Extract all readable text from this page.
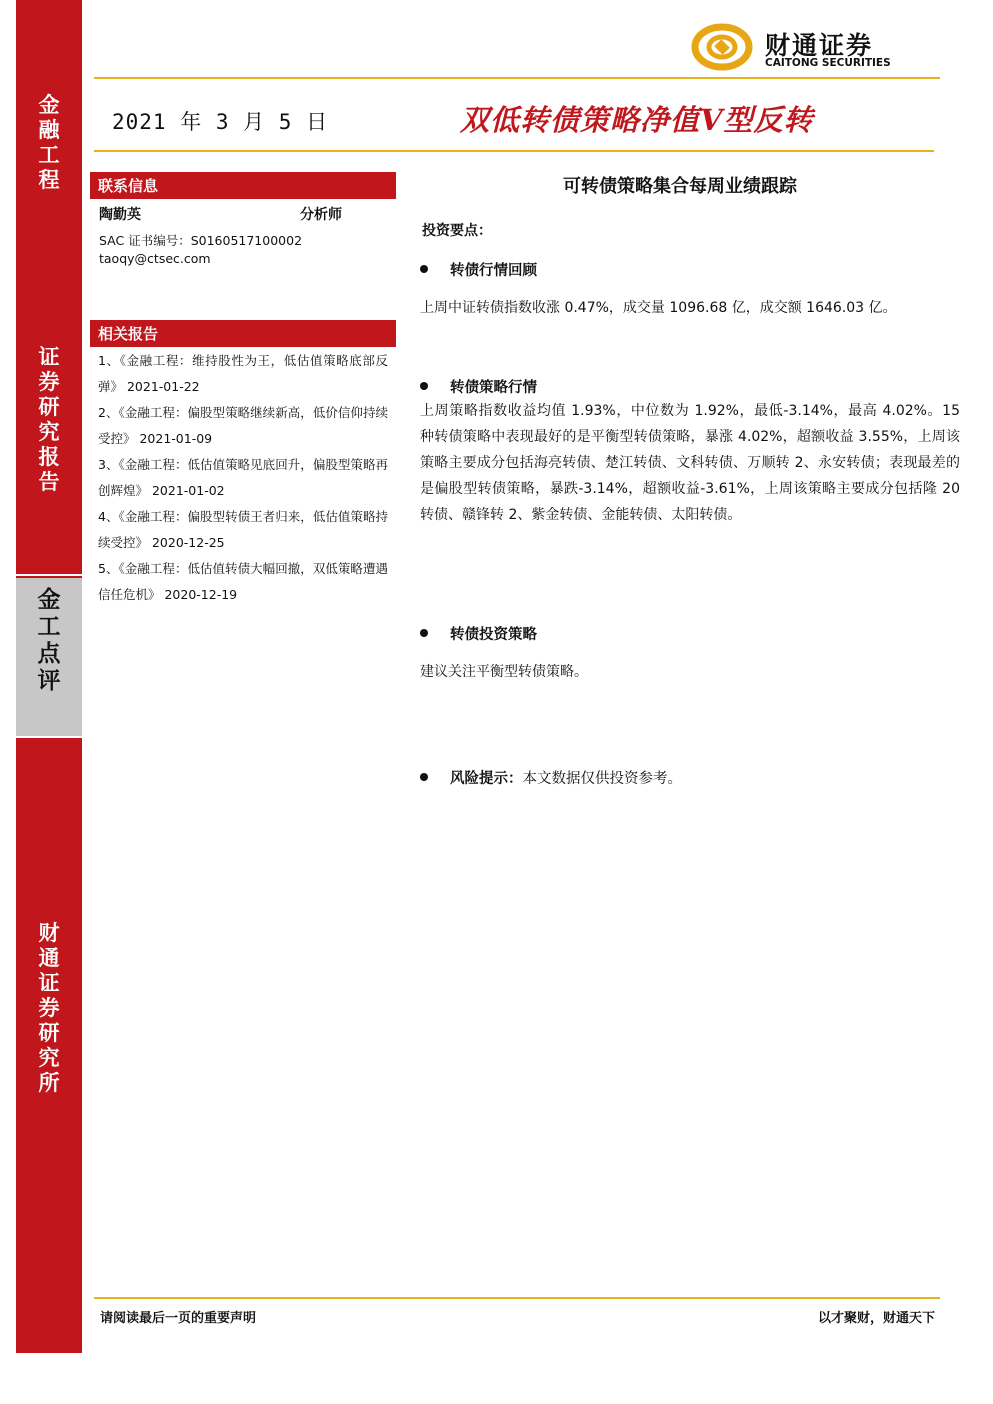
金
融
工
程
证
券
研
究
报
告
财
通
证
券
研
究
所
金
工
点
评
财通证券
CAITONG SECURITIES
2021 年 3 月 5 日	双低转债策略净值V型反转
联系信息
陶勤英	分析师
SAC 证书编号：S0160517100002
taoqy@ctsec.com
相关报告
1、《金融工程：维持股性为王，低估值策略底部反弹》 2021-01-22
2、《金融工程：偏股型策略继续新高，低价信仰持续受控》 2021-01-09
3、《金融工程：低估值策略见底回升，偏股型策略再创辉煌》 2021-01-02
4、《金融工程：偏股型转债王者归来，低估值策略持续受控》 2020-12-25
5、《金融工程：低估值转债大幅回撤，双低策略遭遇信任危机》 2020-12-19
可转债策略集合每周业绩跟踪
投资要点：
转债行情回顾
上周中证转债指数收涨 0.47%，成交量 1096.68 亿，成交额 1646.03 亿。
转债策略行情
上周策略指数收益均值 1.93%，中位数为 1.92%，最低-3.14%，最高 4.02%。15 种转债策略中表现最好的是平衡型转债策略，暴涨 4.02%，超额收益 3.55%，上周该策略主要成分包括海亮转债、楚江转债、文科转债、万顺转 2、永安转债；表现最差的是偏股型转债策略，暴跌-3.14%，超额收益-3.61%，上周该策略主要成分包括隆 20 转债、赣锋转 2、紫金转债、金能转债、太阳转债。
转债投资策略
建议关注平衡型转债策略。
风险提示：本文数据仅供投资参考。
请阅读最后一页的重要声明	以才聚财，财通天下
